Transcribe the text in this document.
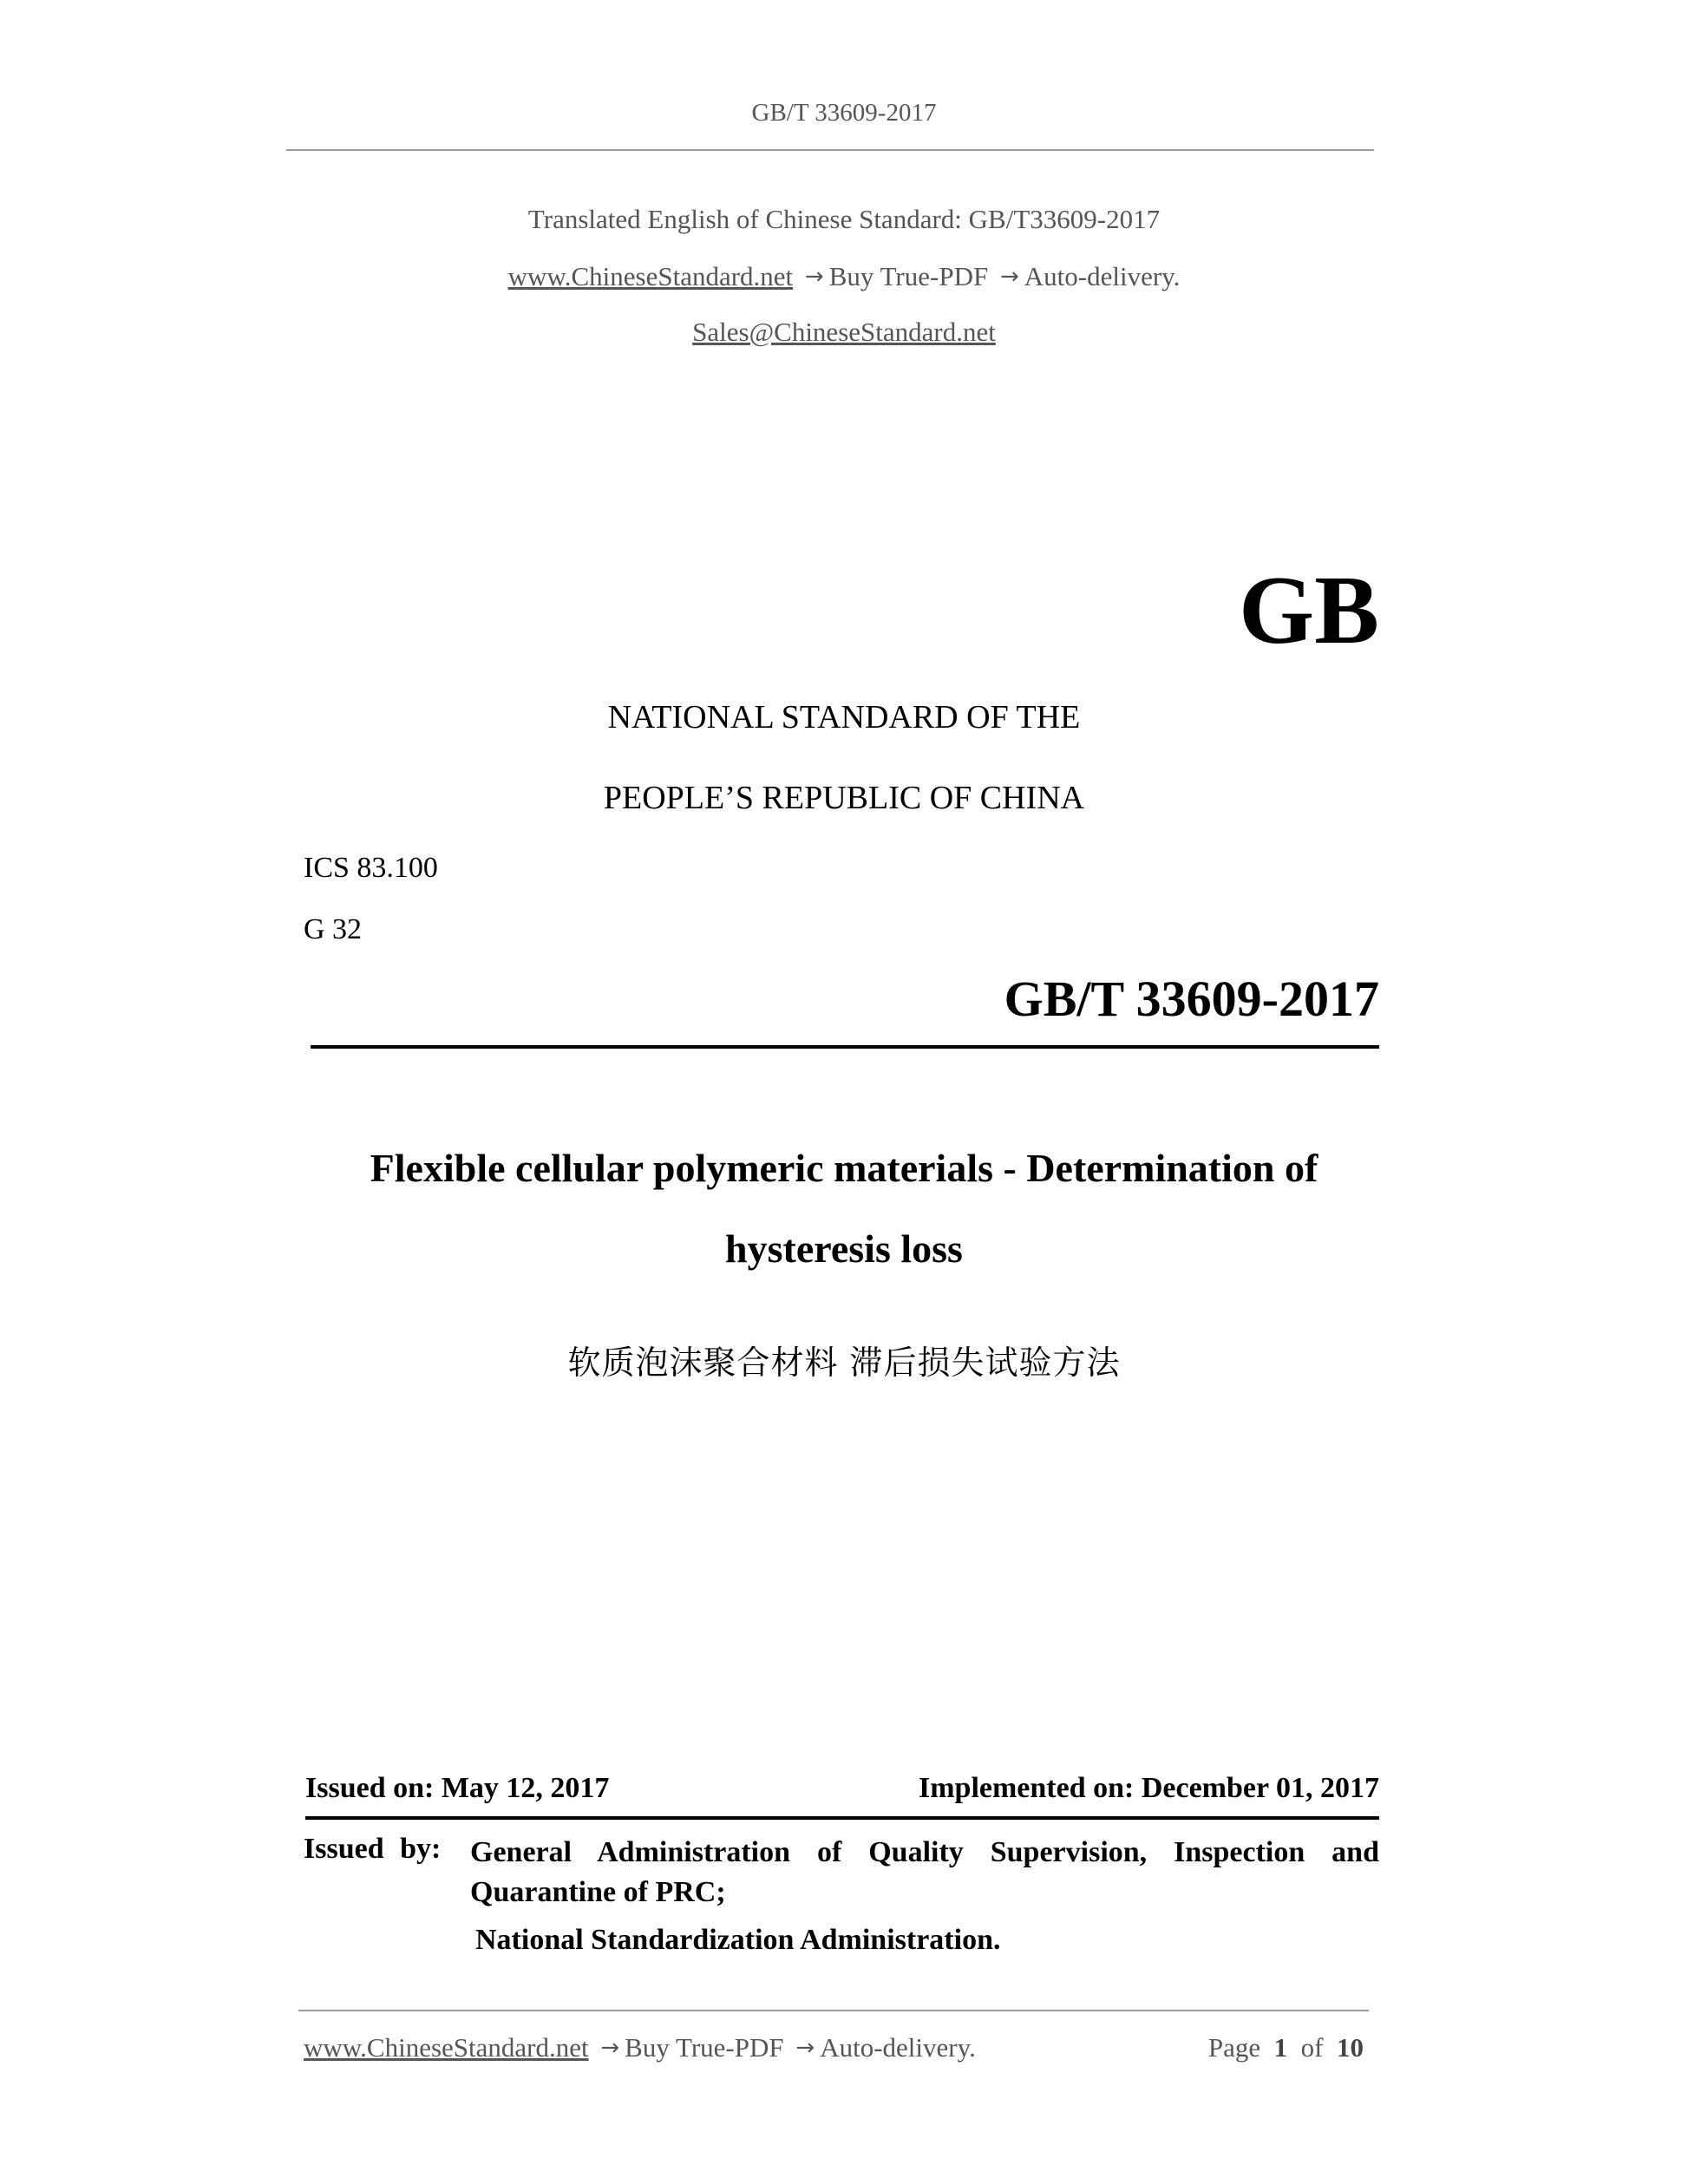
GB/T 33609-2017
Translated English of Chinese Standard: GB/T33609-2017
www.ChineseStandard.net → Buy True-PDF → Auto-delivery.
Sales@ChineseStandard.net
GB
NATIONAL STANDARD OF THE
PEOPLE’S REPUBLIC OF CHINA
ICS 83.100
G 32
GB/T 33609-2017
Flexible cellular polymeric materials - Determination of
hysteresis loss
软质泡沫聚合材料 滞后损失试验方法
Issued on: May 12, 2017	Implemented on: December 01, 2017
Issued by: General Administration of Quality Supervision, Inspection and Quarantine of PRC;
National Standardization Administration.
www.ChineseStandard.net → Buy True-PDF → Auto-delivery.	Page 1 of 10
